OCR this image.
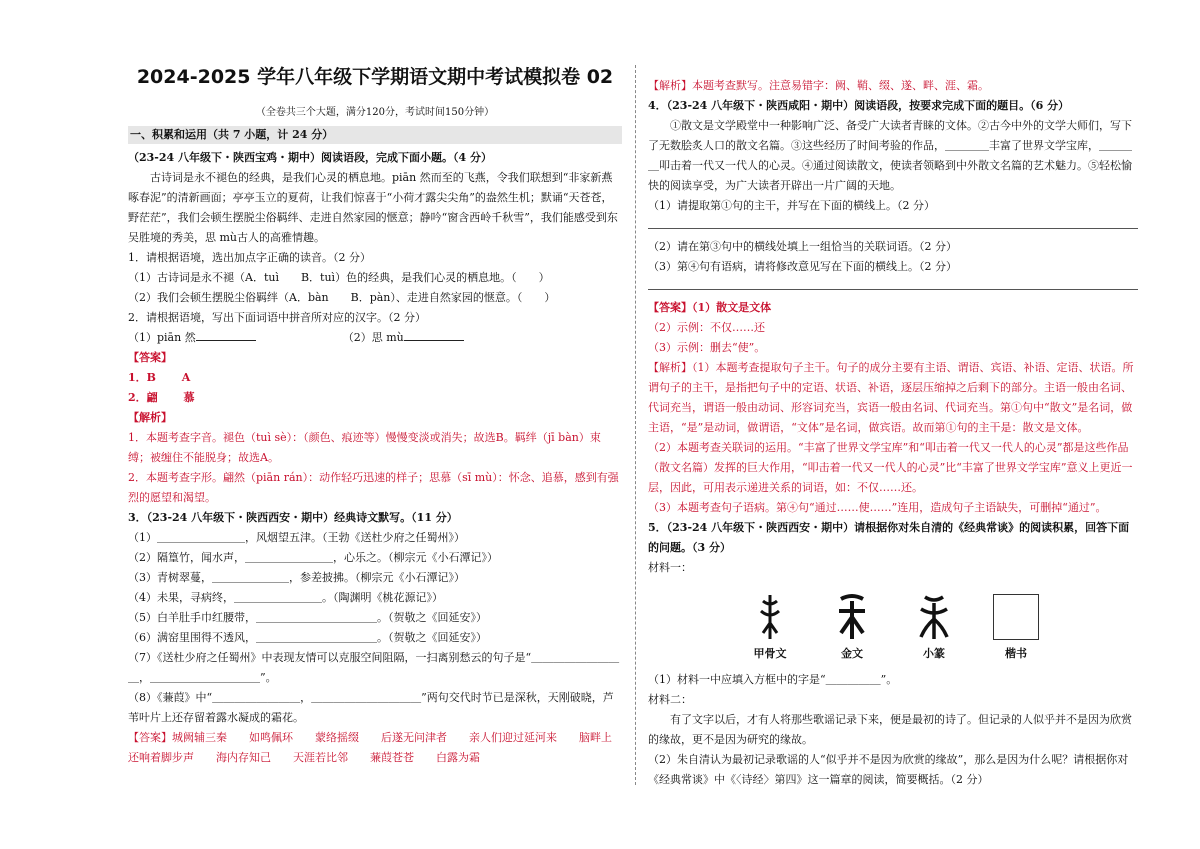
2024-2025 学年八年级下学期语文期中考试模拟卷 02
（全卷共三个大题，满分120分，考试时间150分钟）
一、积累和运用（共 7 小题，计 24 分）

（23-24 八年级下・陕西宝鸡・期中）阅读语段，完成下面小题。（4 分）

古诗词是永不褪色的经典，是我们心灵的栖息地。piān 然而至的飞燕，令我们联想到“非家新燕啄春泥”的清新画面；亭亭玉立的夏荷，让我们惊喜于“小荷才露尖尖角”的盎然生机；默诵“天苍苍，野茫茫”，我们会顿生摆脱尘俗羁绊、走进自然家园的惬意；静吟“窗含西岭千秋雪”，我们能感受到东吴胜境的秀美，思 mù古人的高雅情趣。

1．请根据语境，选出加点字正确的读音。（2 分）

（1）古诗词是永不褪（A．tuì　　B．tuì）色的经典，是我们心灵的栖息地。（　　）

（2）我们会顿生摆脱尘俗羁绊（A．bàn　　B．pàn）、走进自然家园的惬意。（　　）

2．请根据语境，写出下面词语中拼音所对应的汉字。（2 分）

（1）piān 然	（2）思 mù

【答案】

1．B　　 A

2．翩　　 慕

【解析】

1．本题考查字音。褪色（tuì sè）：（颜色、痕迹等）慢慢变淡或消失；故选B。羁绊（jī bàn）束缚；被缠住不能脱身；故选A。

2．本题考查字形。翩然（piān rán）：动作轻巧迅速的样子；思慕（sī mù）：怀念、追慕，感到有强烈的愿望和渴望。

3．（23-24 八年级下・陕西西安・期中）经典诗文默写。（11 分）

（1）＿＿＿＿＿＿＿＿，风烟望五津。（王勃《送杜少府之任蜀州》）

（2）隔篁竹，闻水声，＿＿＿＿＿＿＿＿，心乐之。（柳宗元《小石潭记》）

（3）青树翠蔓，＿＿＿＿＿＿＿，参差披拂。（柳宗元《小石潭记》）

（4）未果，寻病终，＿＿＿＿＿＿＿＿。（陶渊明《桃花源记》）

（5）白羊肚手巾红腰带，＿＿＿＿＿＿＿＿＿＿＿。（贺敬之《回延安》）

（6）满窑里围得不透风，＿＿＿＿＿＿＿＿＿＿＿。（贺敬之《回延安》）

（7）《送杜少府之任蜀州》中表现友情可以克服空间阻隔，一扫离别愁云的句子是“＿＿＿＿＿＿＿＿＿，＿＿＿＿＿＿＿＿＿＿”。

（8）《蒹葭》中“＿＿＿＿＿＿＿＿，＿＿＿＿＿＿＿＿＿＿”两句交代时节已是深秋，天刚破晓，芦苇叶片上还存留着露水凝成的霜花。

【答案】城阙辅三秦　　如鸣佩环　　蒙络摇缀　　后遂无问津者　　亲人们迎过延河来　　脑畔上还响着脚步声　　海内存知己　　天涯若比邻　　蒹葭苍苍　　白露为霜

【解析】本题考查默写。注意易错字：阙、鞘、缀、遂、畔、涯、霜。

4．（23-24 八年级下・陕西咸阳・期中）阅读语段，按要求完成下面的题目。（6 分）

①散文是文学殿堂中一种影响广泛、备受广大读者青睐的文体。②古今中外的文学大师们，写下了无数脍炙人口的散文名篇。③这些经历了时间考验的作品，＿＿＿＿丰富了世界文学宝库，＿＿＿＿叩击着一代又一代人的心灵。④通过阅读散文，使读者领略到中外散文名篇的艺术魅力。⑤轻松愉快的阅读享受，为广大读者开辟出一片广阔的天地。

（1）请提取第①句的主干，并写在下面的横线上。（2 分）

（2）请在第③句中的横线处填上一组恰当的关联词语。（2 分）

（3）第④句有语病，请将修改意见写在下面的横线上。（2 分）

【答案】（1）散文是文体

（2）示例：不仅……还

（3）示例：删去“使”。

【解析】（1）本题考查提取句子主干。句子的成分主要有主语、谓语、宾语、补语、定语、状语。所谓句子的主干，是指把句子中的定语、状语、补语，逐层压缩掉之后剩下的部分。主语一般由名词、代词充当，谓语一般由动词、形容词充当，宾语一般由名词、代词充当。第①句中“散文”是名词，做主语，“是”是动词，做谓语，“文体”是名词，做宾语。故而第①句的主干是：散文是文体。

（2）本题考查关联词的运用。“丰富了世界文学宝库”和“叩击着一代又一代人的心灵”都是这些作品（散文名篇）发挥的巨大作用，“叩击着一代又一代人的心灵”比“丰富了世界文学宝库”意义上更近一层，因此，可用表示递进关系的词语，如：不仅……还。

（3）本题考查句子语病。第④句“通过……使……”连用，造成句子主语缺失，可删掉“通过”。

5．（23-24 八年级下・陕西西安・期中）请根据你对朱自清的《经典常谈》的阅读积累，回答下面的问题。（3 分）

材料一：

甲骨文	金文	小篆	楷书

（1）材料一中应填入方框中的字是“＿＿＿＿＿”。

材料二：

有了文字以后，才有人将那些歌谣记录下来，便是最初的诗了。但记录的人似乎并不是因为欣赏的缘故，更不是因为研究的缘故。

（2）朱自清认为最初记录歌谣的人“似乎并不是因为欣赏的缘故”，那么是因为什么呢？请根据你对《经典常谈》中《〈诗经〉第四》这一篇章的阅读，简要概括。（2 分）
